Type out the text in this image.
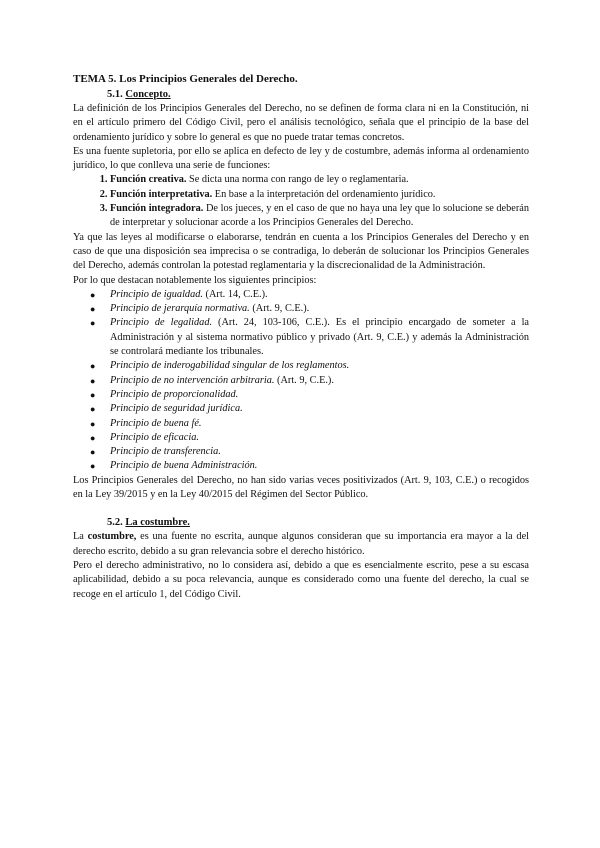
TEMA 5. Los Principios Generales del Derecho.
5.1. Concepto.

La definición de los Principios Generales del Derecho, no se definen de forma clara ni en la Constitución, ni en el artículo primero del Código Civil, pero el análisis tecnológico, señala que el principio de la base del ordenamiento jurídico y sobre lo general es que no puede tratar temas concretos.

Es una fuente supletoria, por ello se aplica en defecto de ley y de costumbre, además informa al ordenamiento jurídico, lo que conlleva una serie de funciones:

1. Función creativa. Se dicta una norma con rango de ley o reglamentaria.
2. Función interpretativa. En base a la interpretación del ordenamiento jurídico.
3. Función integradora. De los jueces, y en el caso de que no haya una ley que lo solucione se deberán de interpretar y solucionar acorde a los Principios Generales del Derecho.

Ya que las leyes al modificarse o elaborarse, tendrán en cuenta a los Principios Generales del Derecho y en caso de que una disposición sea imprecisa o se contradiga, lo deberán de solucionar los Principios Generales del Derecho, además controlan la potestad reglamentaria y la discrecionalidad de la Administración.

Por lo que destacan notablemente los siguientes principios:

● Principio de igualdad. (Art. 14, C.E.).
● Principio de jerarquía normativa. (Art. 9, C.E.).
● Principio de legalidad. (Art. 24, 103-106, C.E.). Es el principio encargado de someter a la Administración y al sistema normativo público y privado (Art. 9, C.E.) y además la Administración se controlará mediante los tribunales.
● Principio de inderogabilidad singular de los reglamentos.
● Principio de no intervención arbitraria. (Art. 9, C.E.).
● Principio de proporcionalidad.
● Principio de seguridad jurídica.
● Principio de buena fé.
● Principio de eficacia.
● Principio de transferencia.
● Principio de buena Administración.

Los Principios Generales del Derecho, no han sido varias veces positivizados (Art. 9, 103, C.E.) o recogidos en la Ley 39/2015 y en la Ley 40/2015 del Régimen del Sector Público.

5.2. La costumbre.

La costumbre, es una fuente no escrita, aunque algunos consideran que su importancia era mayor a la del derecho escrito, debido a su gran relevancia sobre el derecho histórico.

Pero el derecho administrativo, no lo considera así, debido a que es esencialmente escrito, pese a su escasa aplicabilidad, debido a su poca relevancia, aunque es considerado como una fuente del derecho, la cual se recoge en el artículo 1, del Código Civil.
